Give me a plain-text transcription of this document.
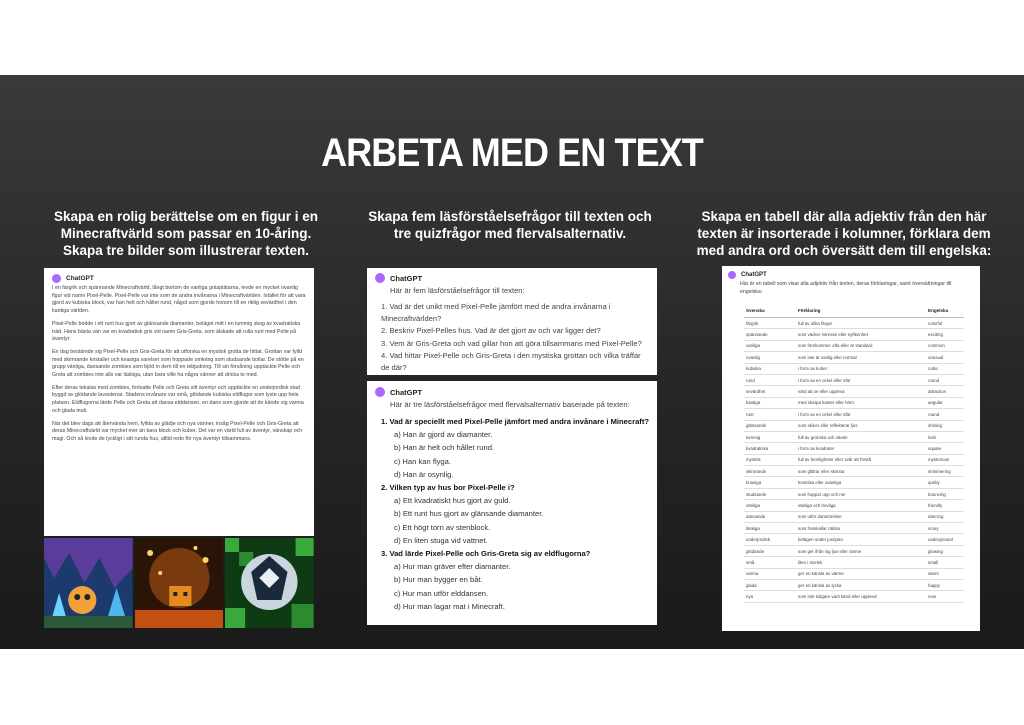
ARBETA MED EN TEXT
Skapa en rolig berättelse om en figur i en Minecraftvärld som passar en 10-åring. Skapa tre bilder som illustrerar texten.
Skapa fem läsförståelsefrågor till texten och tre quizfrågor med flervalsalternativ.
Skapa en tabell där alla adjektiv från den här texten är insorterade i kolumner, förklara dem med andra ord och översätt dem till engelska:
ChatGPT

I en färgrik och spännande Minecraftvärld, långt bortom de vanliga gräsplätarna, levde en mycket ovanlig figur vid namn Pixel-Pelle. Pixel-Pelle var inte som de andra invånarna i Minecraftvärlden. Istället för att vara gjord av kubiska block, var han helt och hållet rund, något som gjorde honom till en riktig sevärdhet i den kantiga världen.

Pixel-Pelle bodde i ett runt hus gjort av glänsande diamanter, beläget mitt i en lummig skog av kvadratiska träd. Hans bästa vän var en kvadratisk gris vid namn Gris-Greta, som älskade att rulla runt med Pelle på äventyr.

En dag bestämde sig Pixel-Pelle och Gris-Greta för att utforska en mystisk grotta de hittat. Grottan var fylld med skimrande kristaller och knasiga varelser som hoppade omkring som studsande bollar. De stötte på en grupp vänliga, dansande zombies som bjöd in dem till en tebjudning. Till sin förvåning upptäckte Pelle och Greta att zombies inte alls var läskiga, utan bara ville ha några vänner att dricka te med.

Efter deras tekalas med zombies, fortsatte Pelle och Greta sitt äventyr och upptäckte en underjordisk stad byggd av glödande lavastenar. Stadens invånare var små, glödande kubiska eldflugor som lyste upp hela platsen. Eldflugorna lärde Pelle och Greta att dansa elddansen, en dans som gjorde att de kände sig varma och glada inuti.

När det blev dags att återvända hem, fyllda av glädje och nya vänner, insåg Pixel-Pelle och Gris-Greta att deras Minecraftvärld var mycket mer än bara block och kuber. Det var en värld full av äventyr, vänskap och magi. Och så levde de lyckligt i sitt runda hus, alltid redo för nya äventyr tillsammans.

ChatGPT
Här är fem läsförståelsefrågor till texten:
1. Vad är det unikt med Pixel-Pelle jämfört med de andra invånarna i Minecraftvärlden?
2. Beskriv Pixel-Pelles hus. Vad är det gjort av och var ligger det?
3. Vem är Gris-Greta och vad gillar hon att göra tillsammans med Pixel-Pelle?
4. Vad hittar Pixel-Pelle och Gris-Greta i den mystiska grottan och vilka träffar de där?
ChatGPT
Här är tre läsförståelsefrågor med flervalsalternativ baserade på texten:
1. Vad är speciellt med Pixel-Pelle jämfört med andra invånare i Minecraft?
a) Han är gjord av diamanter.
b) Han är helt och hållet rund.
c) Han kan flyga.
d) Han är osynlig.
2. Vilken typ av hus bor Pixel-Pelle i?
a) Ett kvadratiskt hus gjort av guld.
b) Ett runt hus gjort av glänsande diamanter.
c) Ett högt torn av stenblock.
d) En liten stuga vid vattnet.
3. Vad lärde Pixel-Pelle och Gris-Greta sig av eldflugorna?
a) Hur man gräver efter diamanter.
b) Hur man bygger en båt.
c) Hur man utför elddansen.
d) Hur man lagar mat i Minecraft.
ChatGPT
Här är en tabell som visar alla adjektiv från texten, deras förklaringar, samt översättningar till engelska:
Svenska	Förklaring	Engelska
färgrik	full av olika färger	colorful
spännande	som väcker intresse eller nyfikenhet	exciting
vanliga	som förekommer ofta eller är standard	common
ovanlig	som inte är vanlig eller normal	unusual
kubiska	i form av kuber	cubic
rund	i form av en cirkel eller sfär	round
sevärdhet	värd att se eller uppleva	attraction
kantiga	med skarpa kanter eller hörn	angular
runt	i form av en cirkel eller sfär	round
glänsande	som skiner eller reflekterar ljus	shining
lummig	full av grönska och växter	lush
kvadratiska	i form av kvadrater	square
mystisk	full av hemligheter eller svår att förstå	mysterious
skimrande	som glittrar eller skimrar	shimmering
knasiga	komiska eller ovanliga	quirky
studsande	som hoppar upp och ner	bouncing
vänliga	vänliga och trevliga	friendly
dansande	som utför dansrörelser	dancing
läskiga	som framkallar rädsla	scary
underjordisk	belägen under jordytan	underground
glödande	som ger ifrån sig ljus eller värme	glowing
små	liten i storlek	small
varma	ger en känsla av värme	warm
glada	ger en känsla av lycka	happy
nya	som inte tidigare varit känd eller upplevd	new
